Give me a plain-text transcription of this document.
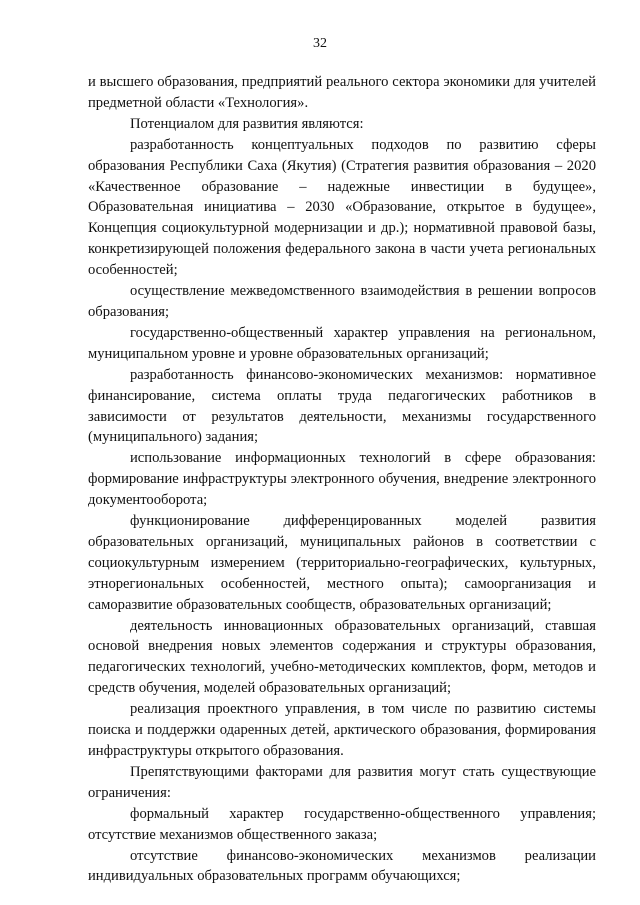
32

и высшего образования, предприятий реального сектора экономики для учителей предметной области «Технология».

Потенциалом для развития являются:

разработанность концептуальных подходов по развитию сферы образования Республики Саха (Якутия) (Стратегия развития образования – 2020 «Качественное образование – надежные инвестиции в будущее», Образовательная инициатива – 2030 «Образование, открытое в будущее», Концепция социокультурной модернизации и др.); нормативной правовой базы, конкретизирующей положения федерального закона в части учета региональных особенностей;

осуществление межведомственного взаимодействия в решении вопросов образования;

государственно-общественный характер управления на региональном, муниципальном уровне и уровне образовательных организаций;

разработанность финансово-экономических механизмов: нормативное финансирование, система оплаты труда педагогических работников в зависимости от результатов деятельности, механизмы государственного (муниципального) задания;

использование информационных технологий в сфере образования: формирование инфраструктуры электронного обучения, внедрение электронного документооборота;

функционирование дифференцированных моделей развития образовательных организаций, муниципальных районов в соответствии с социокультурным измерением (территориально-географических, культурных, этнорегиональных особенностей, местного опыта); самоорганизация и саморазвитие образовательных сообществ, образовательных организаций;

деятельность инновационных образовательных организаций, ставшая основой внедрения новых элементов содержания и структуры образования, педагогических технологий, учебно-методических комплектов, форм, методов и средств обучения, моделей образовательных организаций;

реализация проектного управления, в том числе по развитию системы поиска и поддержки одаренных детей, арктического образования, формирования инфраструктуры открытого образования.

Препятствующими факторами для развития могут стать существующие ограничения:

формальный характер государственно-общественного управления; отсутствие механизмов общественного заказа;

отсутствие финансово-экономических механизмов реализации индивидуальных образовательных программ обучающихся;
